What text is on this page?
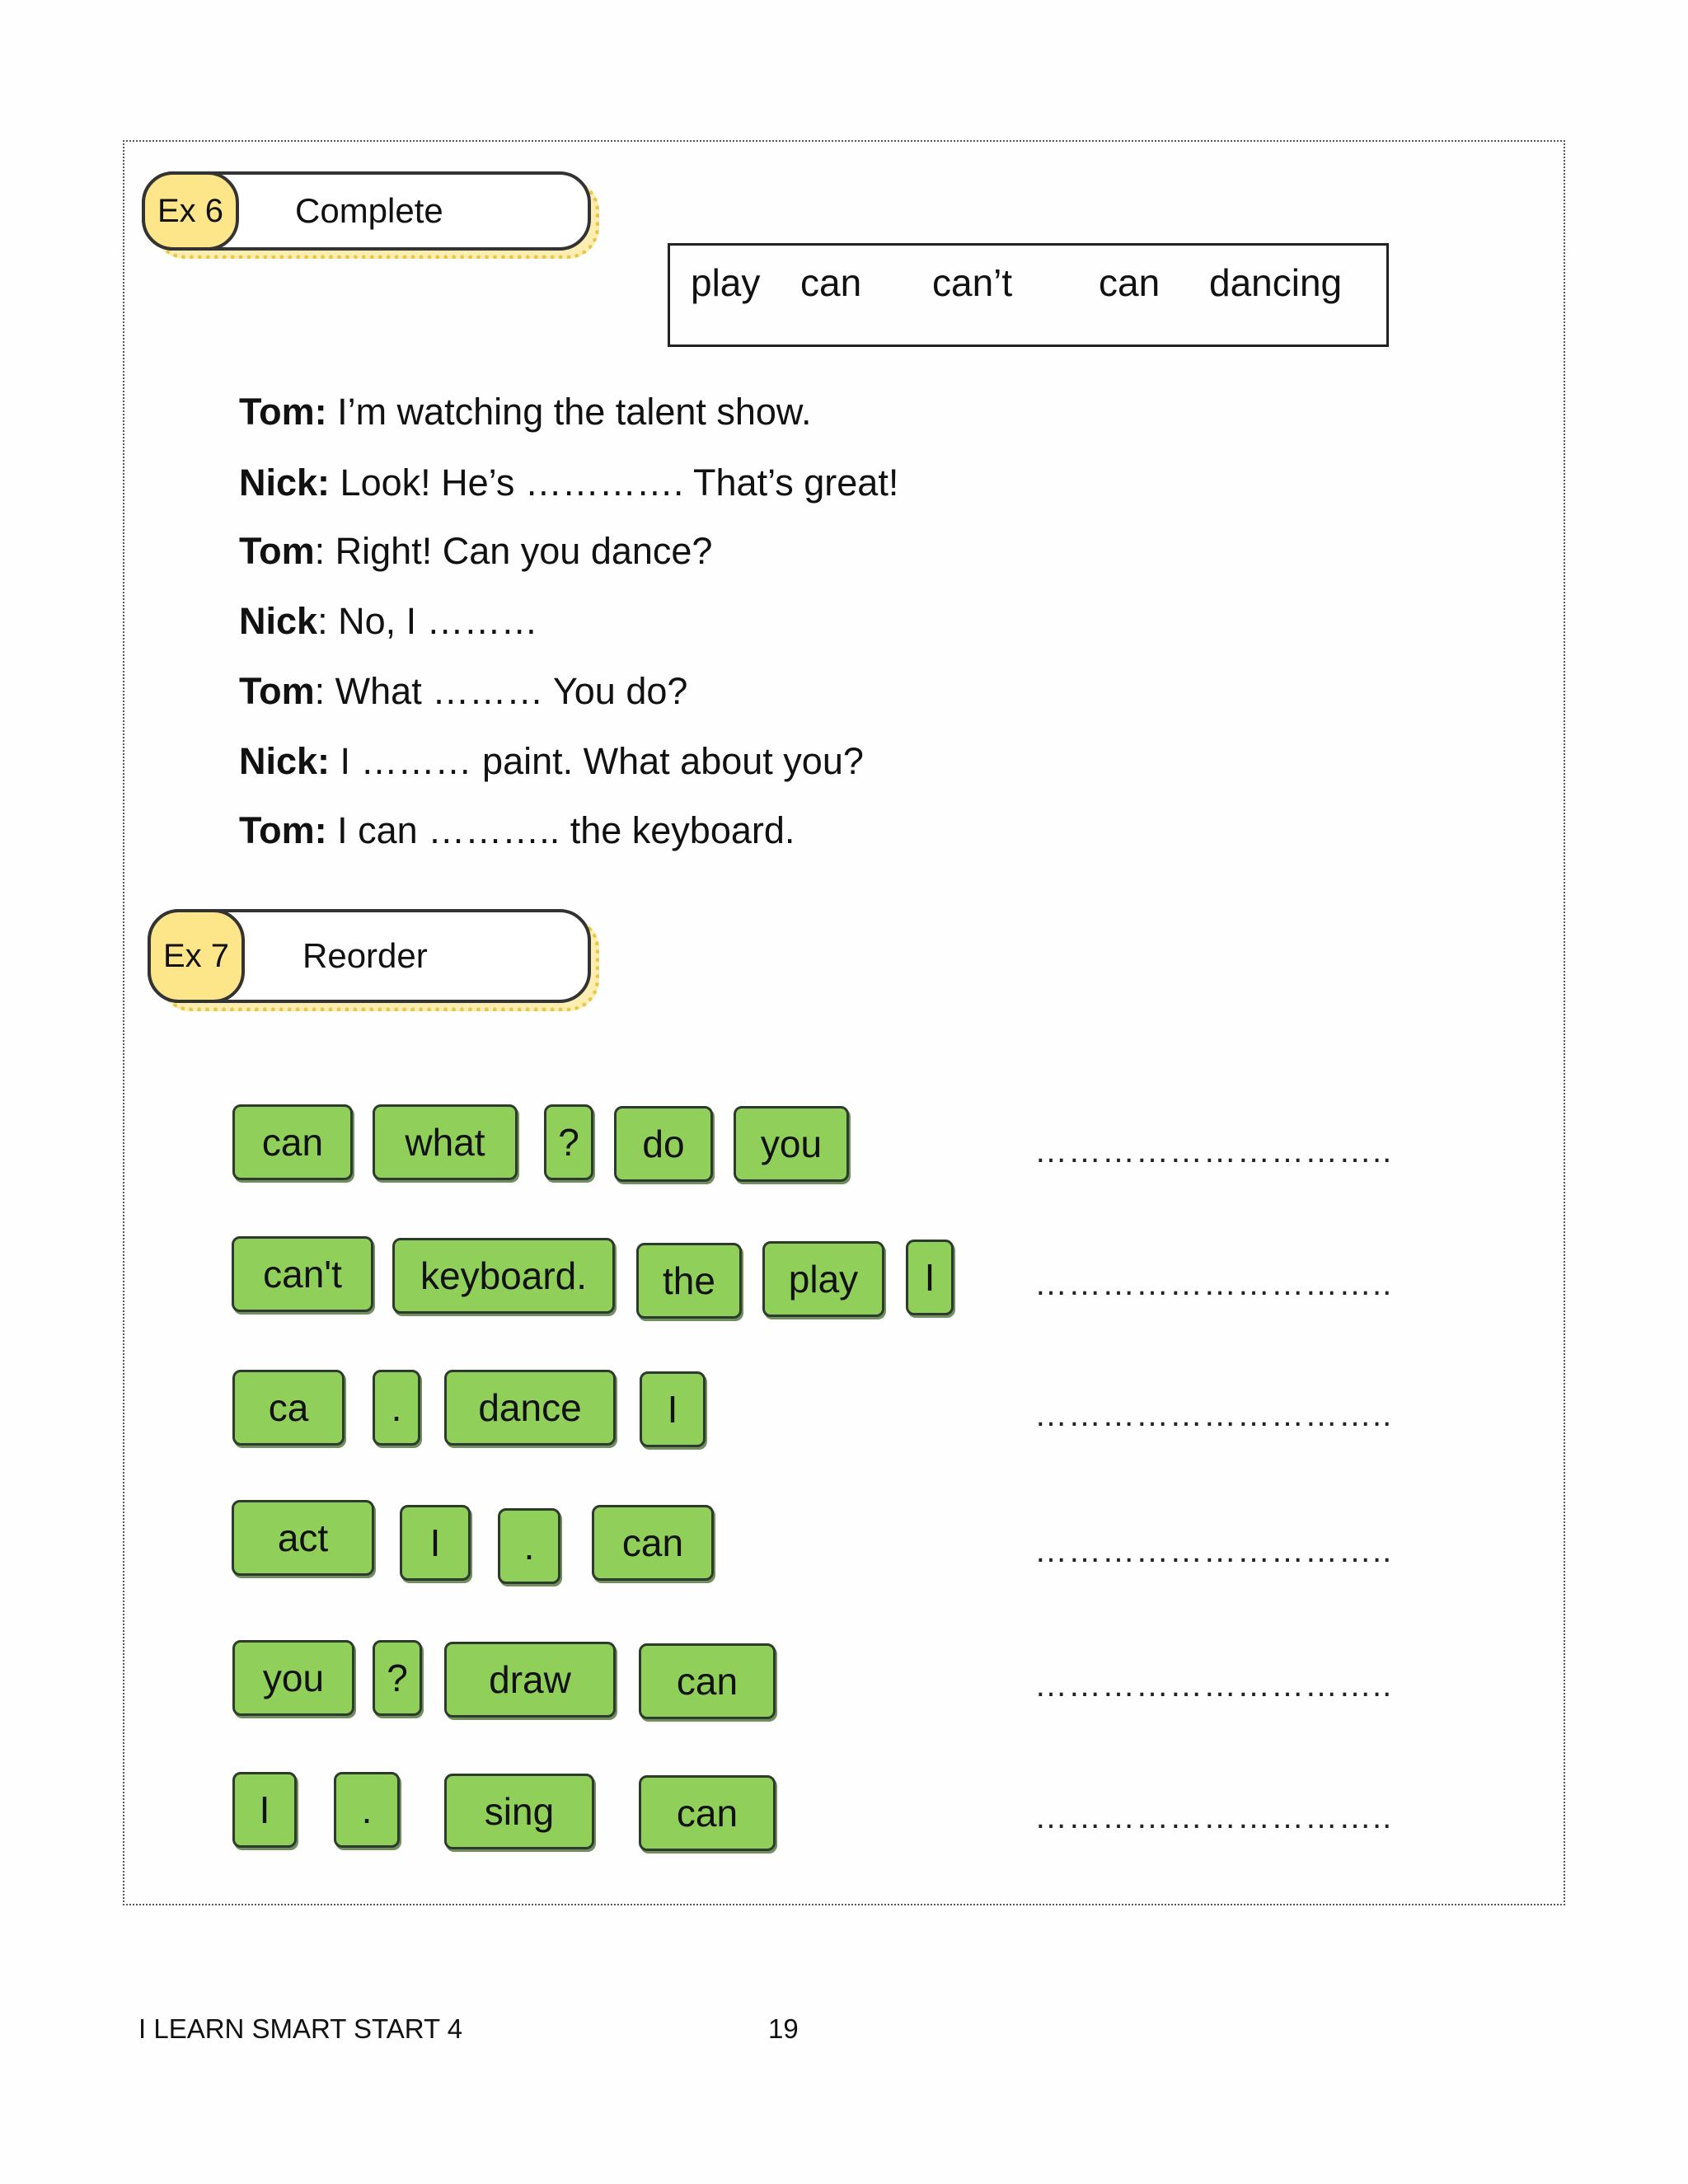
Ex 6	Complete
play can can’t can dancing
Tom: I’m watching the talent show.
Nick: Look! He’s …………. That’s great!
Tom: Right! Can you dance?
Nick: No, I ………
Tom: What ……… You do?
Nick: I ……… paint. What about you?
Tom: I can ……….. the keyboard.
Ex 7	Reorder
can	what	?	do	you	…………………………..
can't	keyboard.	the	play	I	…………………………..
ca	.	dance	I	…………………………..
act	I	.	can	…………………………..
you	?	draw	can	…………………………..
I	.	sing	can	…………………………..
I LEARN SMART START 4	19
